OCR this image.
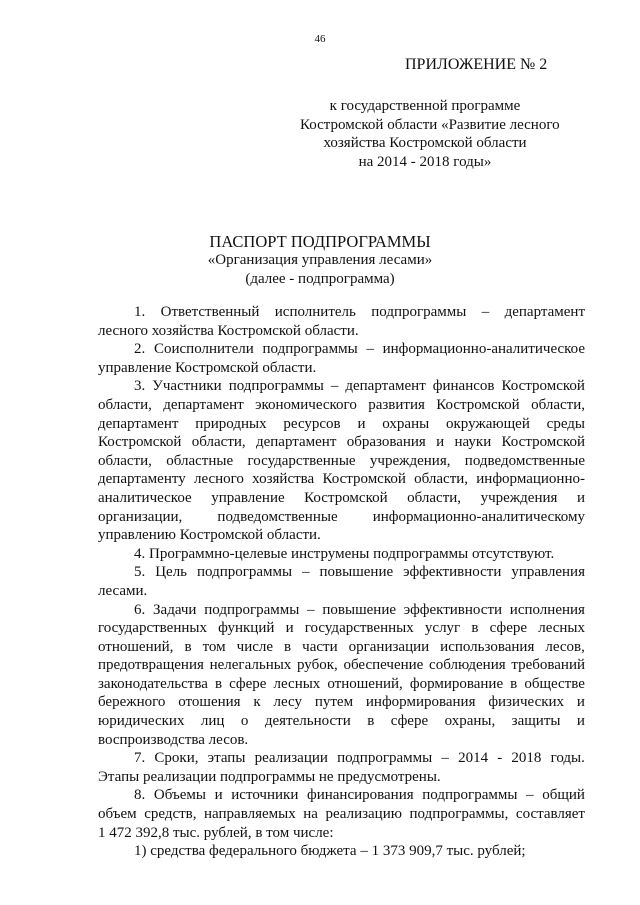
46
ПРИЛОЖЕНИЕ № 2
к государственной программе
Костромской области «Развитие лесного
хозяйства Костромской области
на 2014 - 2018 годы»
ПАСПОРТ ПОДПРОГРАММЫ
«Организация управления лесами»
(далее - подпрограмма)
1. Ответственный исполнитель подпрограммы – департамент
лесного хозяйства Костромской области.
2. Соисполнители подпрограммы – информационно-аналитическое
управление Костромской области.
3. Участники подпрограммы – департамент финансов Костромской
области, департамент экономического развития Костромской области,
департамент природных ресурсов и охраны окружающей среды
Костромской области, департамент образования и науки Костромской
области, областные государственные учреждения, подведомственные
департаменту лесного хозяйства Костромской области, информационно-
аналитическое управление Костромской области, учреждения и
организации, подведомственные информационно-аналитическому
управлению Костромской области.
4. Программно-целевые инструмены подпрограммы отсутствуют.
5. Цель подпрограммы – повышение эффективности управления
лесами.
6. Задачи подпрограммы – повышение эффективности исполнения
государственных функций и государственных услуг в сфере лесных
отношений, в том числе в части организации использования лесов,
предотвращения нелегальных рубок, обеспечение соблюдения требований
законодательства в сфере лесных отношений, формирование в обществе
бережного отошения к лесу путем информирования физических и
юридических лиц о деятельности в сфере охраны, защиты и
воспроизводства лесов.
7. Сроки, этапы реализации подпрограммы – 2014 - 2018 годы.
Этапы реализации подпрограммы не предусмотрены.
8. Объемы и источники финансирования подпрограммы – общий
объем средств, направляемых на реализацию подпрограммы, составляет
1 472 392,8 тыс. рублей, в том числе:
1) средства федерального бюджета – 1 373 909,7 тыс. рублей;
